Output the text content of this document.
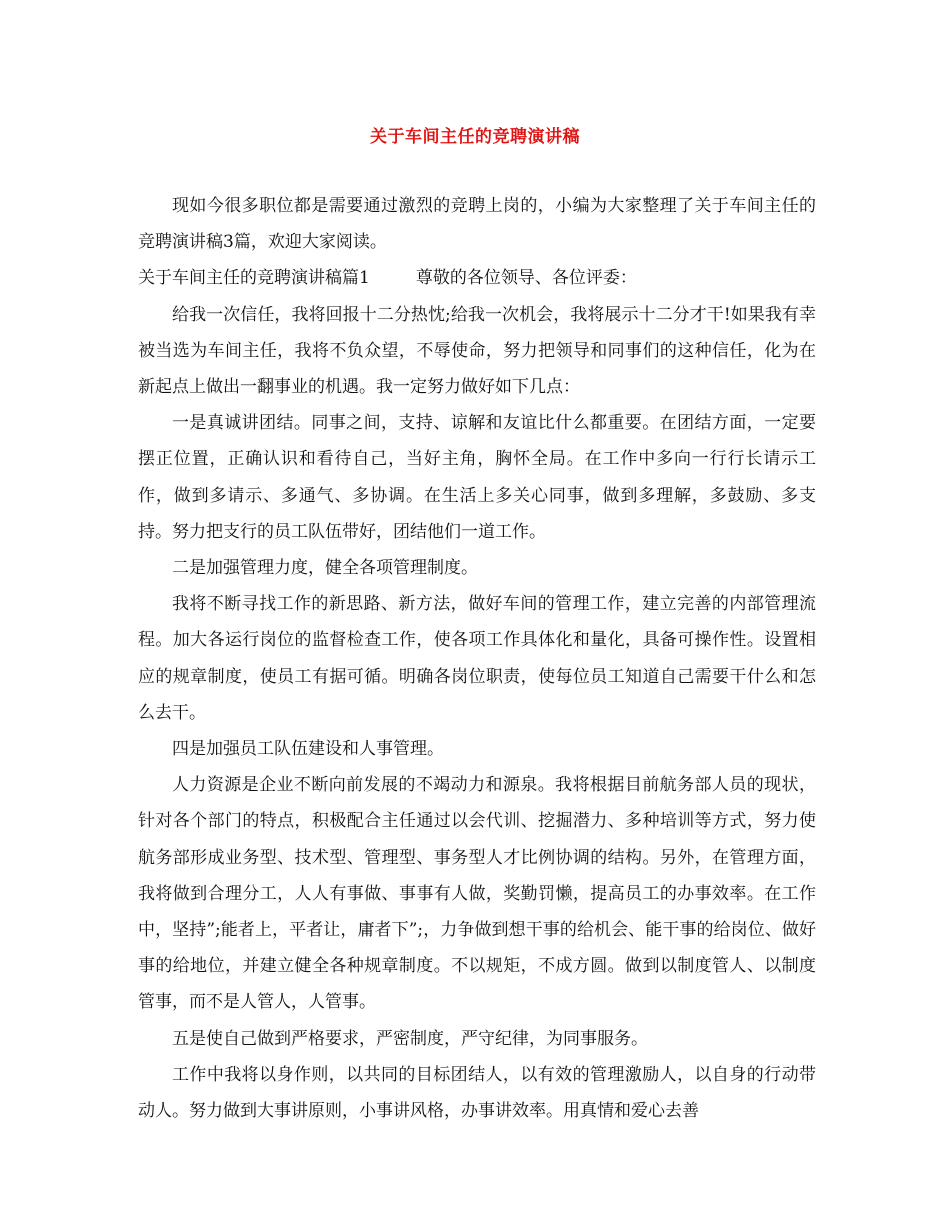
关于车间主任的竞聘演讲稿

现如今很多职位都是需要通过激烈的竞聘上岗的，小编为大家整理了关于车间主任的竞聘演讲稿3篇，欢迎大家阅读。

关于车间主任的竞聘演讲稿篇1	尊敬的各位领导、各位评委：

给我一次信任，我将回报十二分热忱;给我一次机会，我将展示十二分才干!如果我有幸被当选为车间主任，我将不负众望，不辱使命，努力把领导和同事们的这种信任，化为在新起点上做出一翻事业的机遇。我一定努力做好如下几点：

一是真诚讲团结。同事之间，支持、谅解和友谊比什么都重要。在团结方面，一定要摆正位置，正确认识和看待自己，当好主角，胸怀全局。在工作中多向一行行长请示工作，做到多请示、多通气、多协调。在生活上多关心同事，做到多理解，多鼓励、多支持。努力把支行的员工队伍带好，团结他们一道工作。

二是加强管理力度，健全各项管理制度。

我将不断寻找工作的新思路、新方法，做好车间的管理工作，建立完善的内部管理流程。加大各运行岗位的监督检查工作，使各项工作具体化和量化，具备可操作性。设置相应的规章制度，使员工有据可循。明确各岗位职责，使每位员工知道自己需要干什么和怎么去干。

四是加强员工队伍建设和人事管理。

人力资源是企业不断向前发展的不竭动力和源泉。我将根据目前航务部人员的现状，针对各个部门的特点，积极配合主任通过以会代训、挖掘潜力、多种培训等方式，努力使航务部形成业务型、技术型、管理型、事务型人才比例协调的结构。另外，在管理方面，我将做到合理分工，人人有事做、事事有人做，奖勤罚懒，提高员工的办事效率。在工作中，坚持”;能者上，平者让，庸者下”;，力争做到想干事的给机会、能干事的给岗位、做好事的给地位，并建立健全各种规章制度。不以规矩，不成方圆。做到以制度管人、以制度管事，而不是人管人，人管事。

五是使自己做到严格要求，严密制度，严守纪律，为同事服务。

工作中我将以身作则，以共同的目标团结人，以有效的管理激励人，以自身的行动带动人。努力做到大事讲原则，小事讲风格，办事讲效率。用真情和爱心去善
